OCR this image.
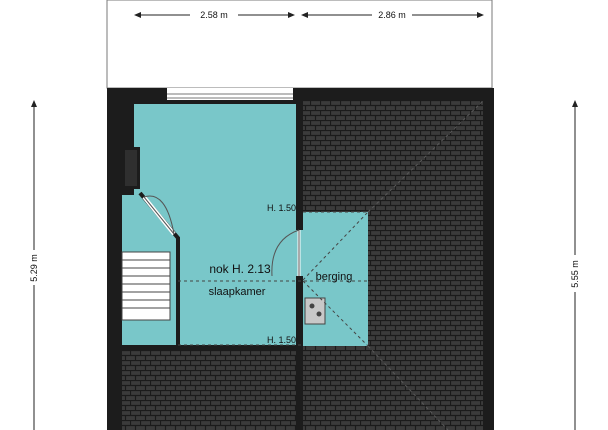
nok H. 2.13
slaapkamer
berging
H. 1.50
H. 1.50
2.58 m	2.86 m
5.29 m	5.55 m
